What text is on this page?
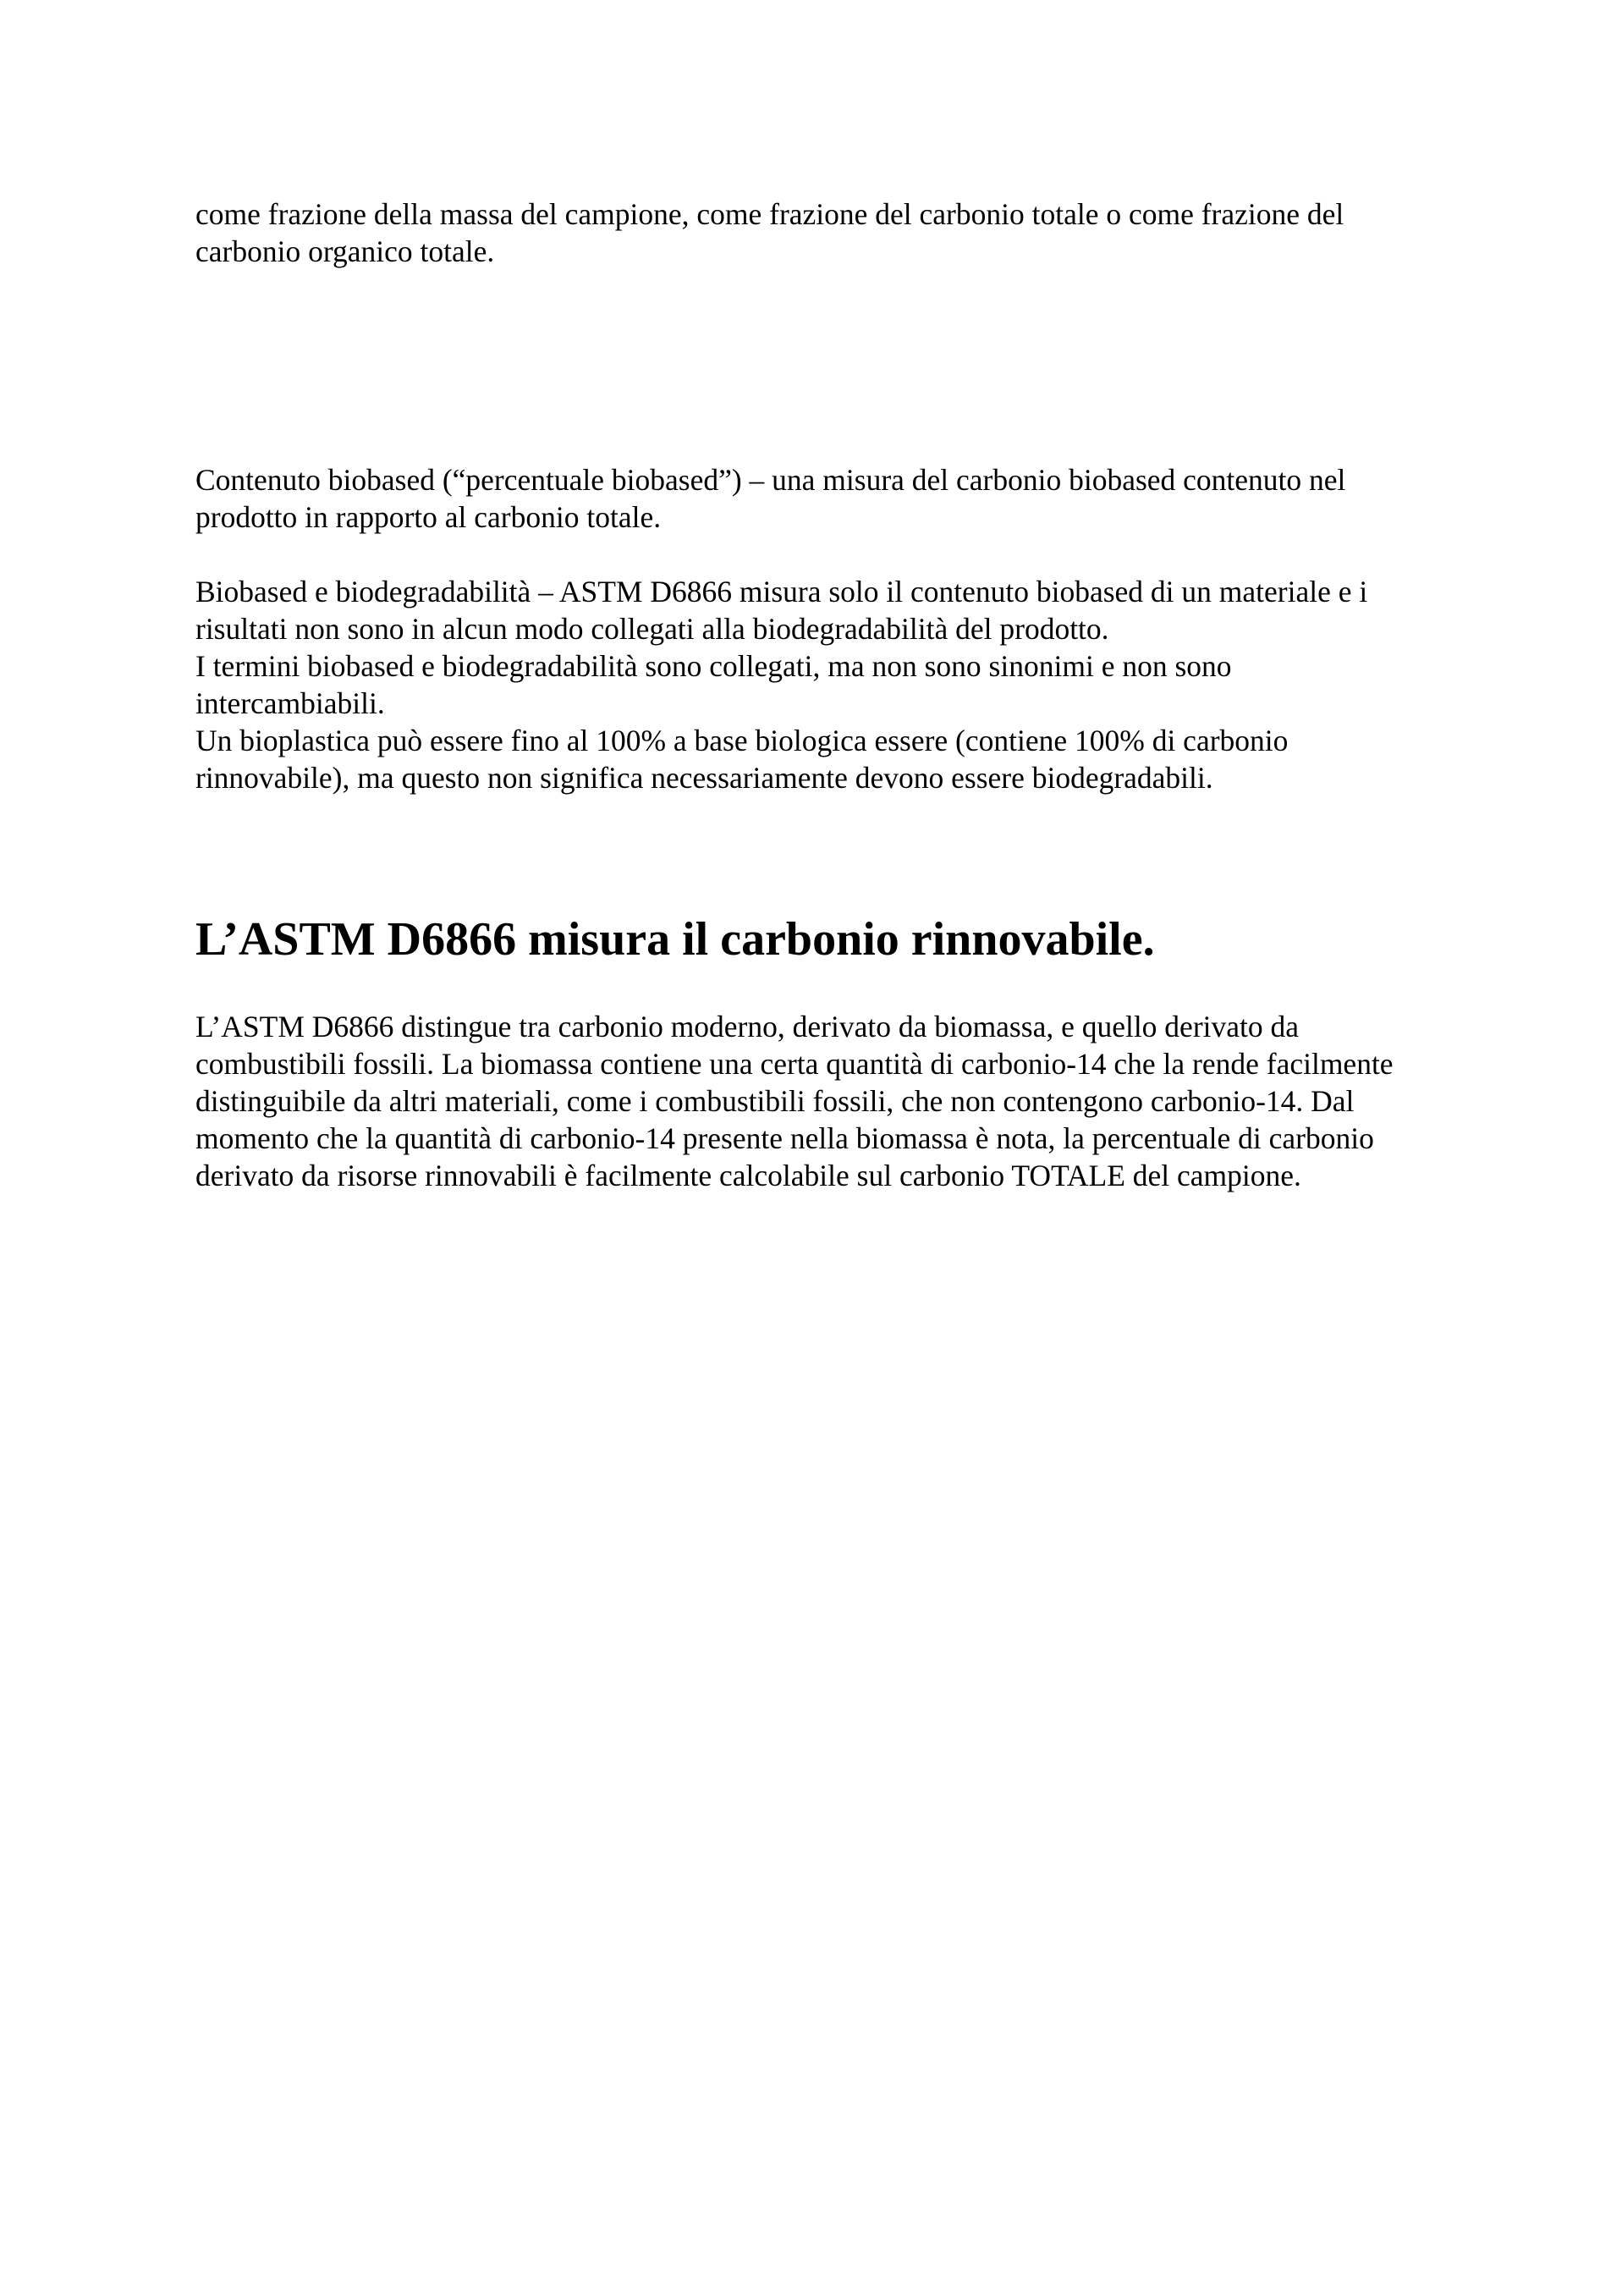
come frazione della massa del campione, come frazione del carbonio totale o come frazione del
carbonio organico totale.

Contenuto biobased (“percentuale biobased”) – una misura del carbonio biobased contenuto nel
prodotto in rapporto al carbonio totale.

Biobased e biodegradabilità – ASTM D6866 misura solo il contenuto biobased di un materiale e i
risultati non sono in alcun modo collegati alla biodegradabilità del prodotto.
I termini biobased e biodegradabilità sono collegati, ma non sono sinonimi e non sono
intercambiabili.
Un bioplastica può essere fino al 100% a base biologica essere (contiene 100% di carbonio
rinnovabile), ma questo non significa necessariamente devono essere biodegradabili.

L’ASTM D6866 misura il carbonio rinnovabile.

L’ASTM D6866 distingue tra carbonio moderno, derivato da biomassa, e quello derivato da
combustibili fossili. La biomassa contiene una certa quantità di carbonio-14 che la rende facilmente
distinguibile da altri materiali, come i combustibili fossili, che non contengono carbonio-14. Dal
momento che la quantità di carbonio-14 presente nella biomassa è nota, la percentuale di carbonio
derivato da risorse rinnovabili è facilmente calcolabile sul carbonio TOTALE del campione.
